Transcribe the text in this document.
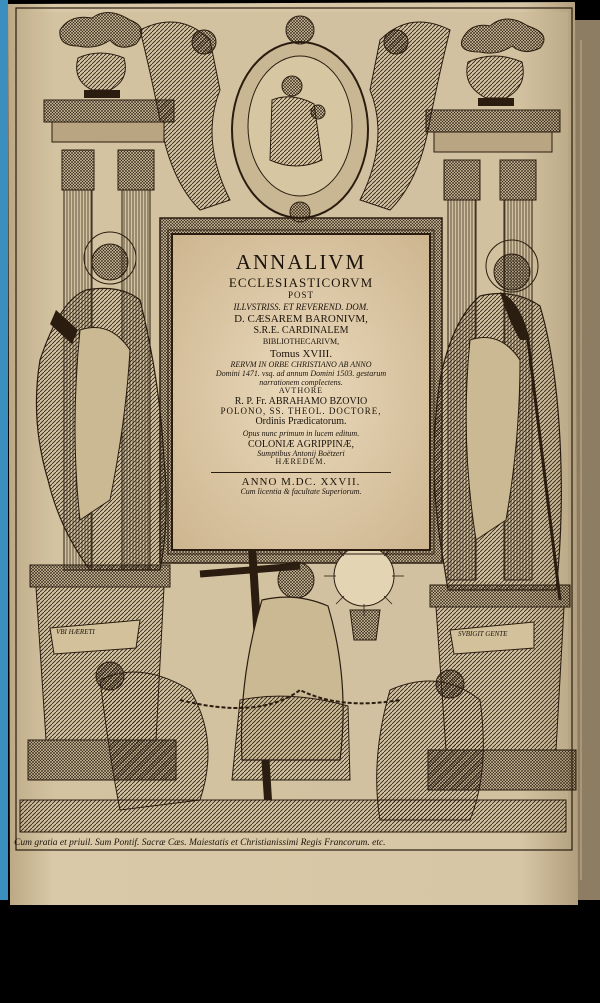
ANNALIVM
ECCLESIASTICORVM
POST
ILLVSTRISS. ET REVEREND. DOM.
D. CÆSAREM BARONIVM,
S.R.E. CARDINALEM
BIBLIOTHECARIVM,
Tomus XVIII.
RERVM IN ORBE CHRISTIANO AB ANNO
Domini 1471. vsq. ad annum Domini 1503. gestarum
narrationem complectens.
AVTHORE
R. P. Fr. ABRAHAMO BZOVIO
POLONO, SS. THEOL. DOCTORE,
Ordinis Prædicatorum.
Opus nunc primum in lucem editum.
COLONIÆ AGRIPPINÆ,
Sumptibus Antonij Boëtzeri
HÆREDEM.
ANNO M.DC. XXVII.
Cum licentia & facultate Superiorum.
VBI HÆRETI	SVBIGIT GENTE
Cum gratia et priuil. Sum Pontif. Sacræ Cæs. Maiestatis et Christianissimi Regis Francorum. etc.
